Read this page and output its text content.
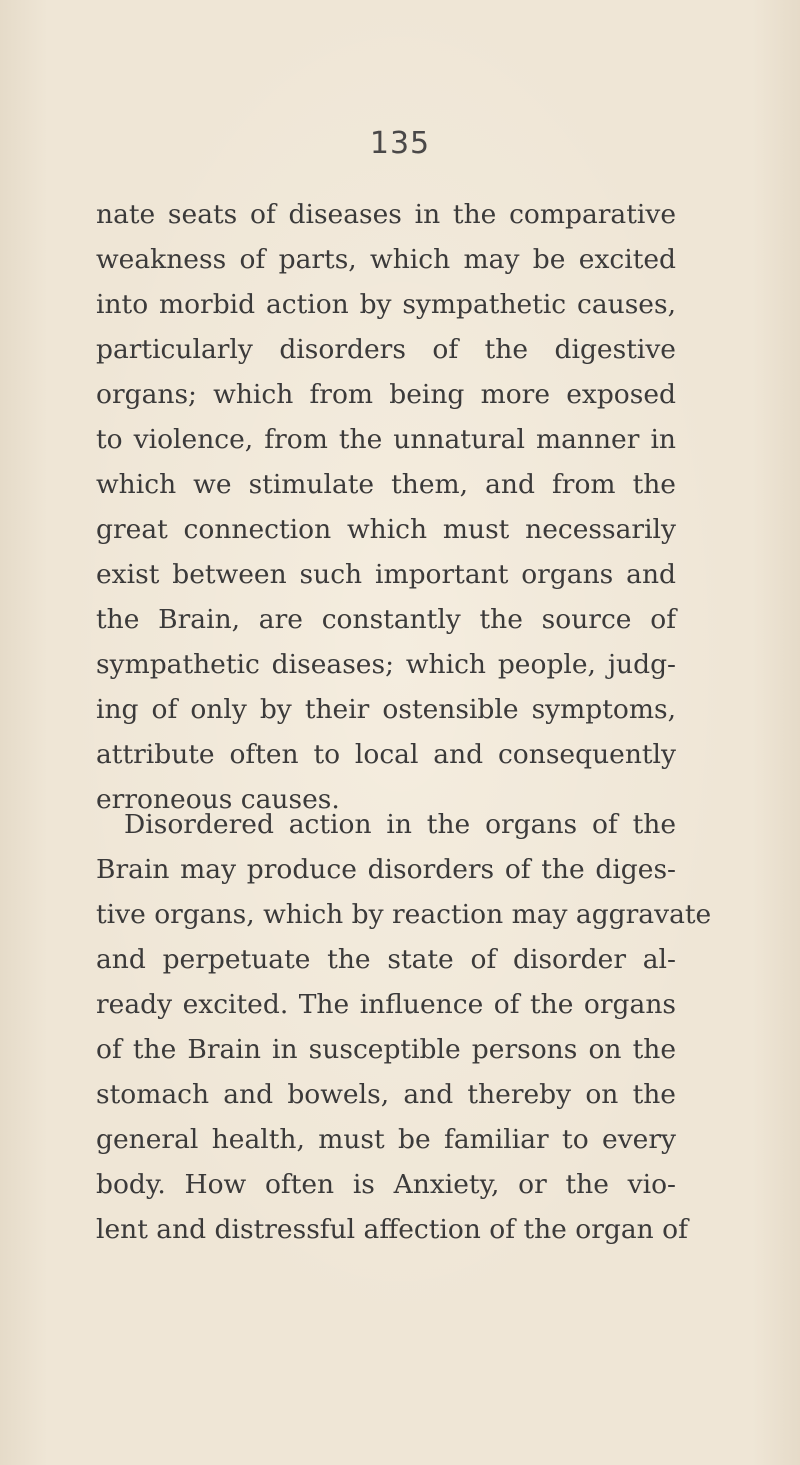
135
nate seats of diseases in the comparative
weakness of parts, which may be excited
into morbid action by sympathetic causes,
particularly disorders of the digestive
organs; which from being more exposed
to violence, from the unnatural manner in
which we stimulate them, and from the
great connection which must necessarily
exist between such important organs and
the Brain, are constantly the source of
sympathetic diseases; which people, judg-
ing of only by their ostensible symptoms,
attribute often to local and consequently
erroneous causes.
Disordered action in the organs of the
Brain may produce disorders of the diges-
tive organs, which by reaction may aggravate
and perpetuate the state of disorder al-
ready excited. The influence of the organs
of the Brain in susceptible persons on the
stomach and bowels, and thereby on the
general health, must be familiar to every
body. How often is Anxiety, or the vio-
lent and distressful affection of the organ of
